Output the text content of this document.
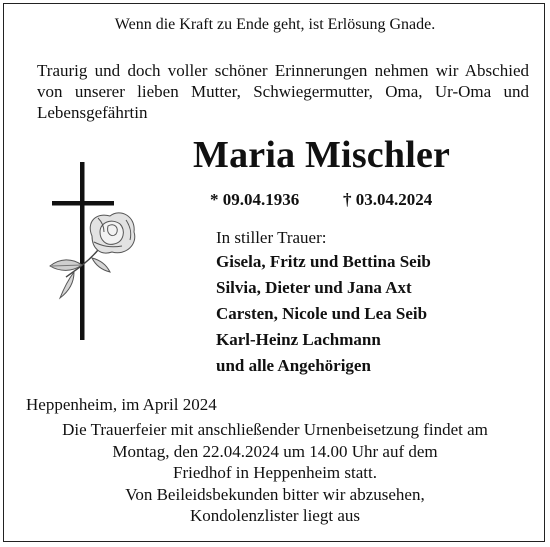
Wenn die Kraft zu Ende geht, ist Erlösung Gnade.
Traurig und doch voller schöner Erinnerungen nehmen wir Abschied
von unserer lieben Mutter, Schwiegermutter, Oma, Ur-Oma und
Lebensgefährtin
Maria Mischler
* 09.04.1936	† 03.04.2024
In stiller Trauer:
Gisela, Fritz und Bettina Seib
Silvia, Dieter und Jana Axt
Carsten, Nicole und Lea Seib
Karl-Heinz Lachmann
und alle Angehörigen
Heppenheim, im April 2024
Die Trauerfeier mit anschließender Urnenbeisetzung findet am
Montag, den 22.04.2024 um 14.00 Uhr auf dem
Friedhof in Heppenheim statt.
Von Beileidsbekunden bitter wir abzusehen,
Kondolenzlister liegt aus
